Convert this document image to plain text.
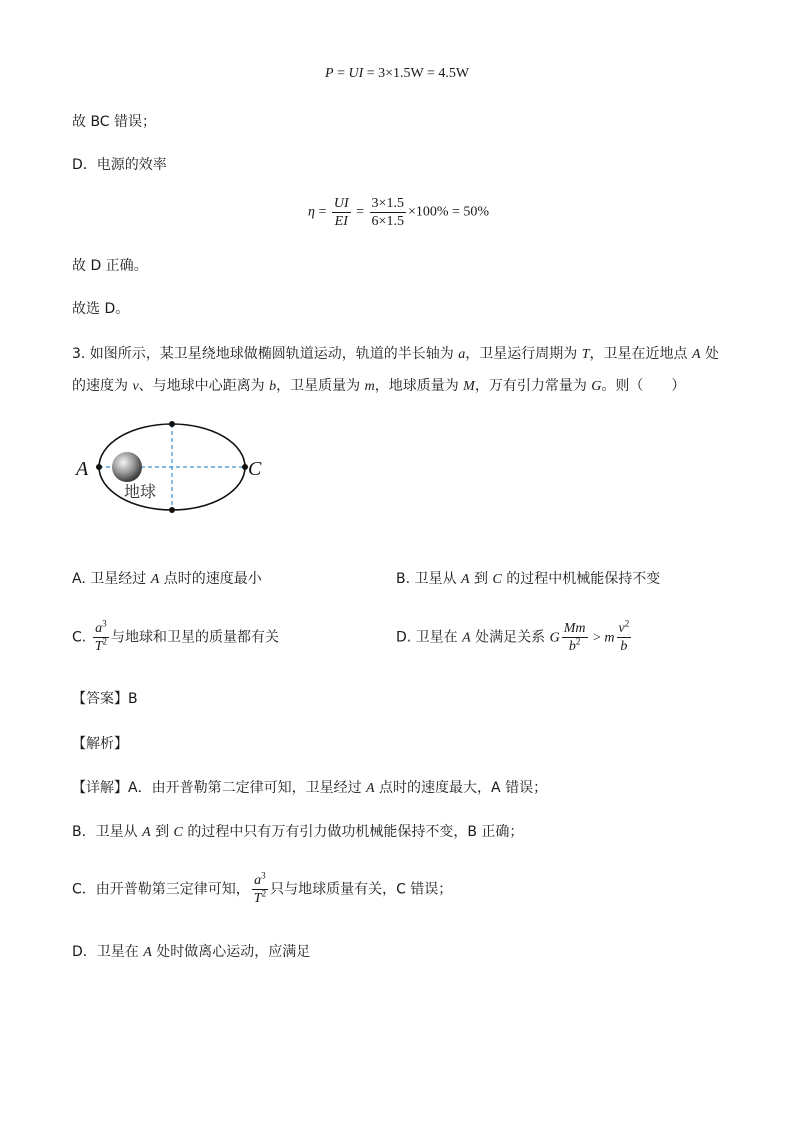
P = UI = 3×1.5W = 4.5W
故 BC 错误；
D．电源的效率
$\eta = \frac{UI}{EI} = \frac{3\times 1.5}{6\times 1.5} \times 100\% = 50\%$
故 D 正确。
故选 D。
3. 如图所示，某卫星绕地球做椭圆轨道运动，轨道的半长轴为 a，卫星运行周期为 T，卫星在近地点 A 处
的速度为 v、与地球中心距离为 b，卫星质量为 m，地球质量为 M，万有引力常量为 G。则（　　）
A	C
地球
A. 卫星经过 A 点时的速度最小	B. 卫星从 A 到 C 的过程中机械能保持不变
C. $\frac{a^3}{T^2}$ 与地球和卫星的质量都有关	D. 卫星在 A 处满足关系 G $\frac{Mm}{b^2} > m \frac{v^2}{b}$
【答案】B
【解析】
【详解】A．由开普勒第二定律可知，卫星经过 A 点时的速度最大，A 错误；
B．卫星从 A 到 C 的过程中只有万有引力做功机械能保持不变，B 正确；
C．由开普勒第三定律可知， $\frac{a^3}{T^2}$ 只与地球质量有关，C 错误；
D．卫星在 A 处时做离心运动，应满足
